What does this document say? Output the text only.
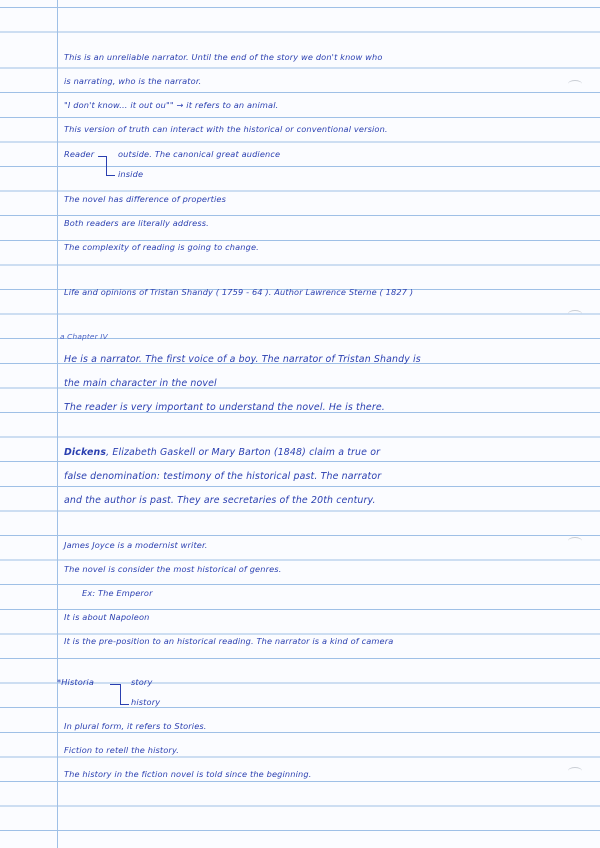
This is an unreliable narrator. Until the end of the story we don't know who
is narrating, who is the narrator.
"I don't know... it out ou"" → it refers to an animal.
This version of truth can interact with the historical or conventional version.
Reader	outside. The canonical great audience
inside
The novel has difference of properties
Both readers are literally address.
The complexity of reading is going to change.
Life and opinions of Tristan Shandy ( 1759 - 64 ). Author Lawrence Sterne ( 1827 )
a Chapter IV
He is a narrator. The first voice of a boy. The narrator of Tristan Shandy is
the main character in the novel
The reader is very important to understand the novel. He is there.
Dickens, Elizabeth Gaskell or Mary Barton (1848) claim a true or
false denomination: testimony of the historical past. The narrator
and the author is past. They are secretaries of the 20th century.
James Joyce is a modernist writer.
The novel is consider the most historical of genres.
Ex: The Emperor
It is about Napoleon
It is the pre-position to an historical reading. The narrator is a kind of camera
*Historia	story
history
In plural form, it refers to Stories.
Fiction to retell the history.
The history in the fiction novel is told since the beginning.
